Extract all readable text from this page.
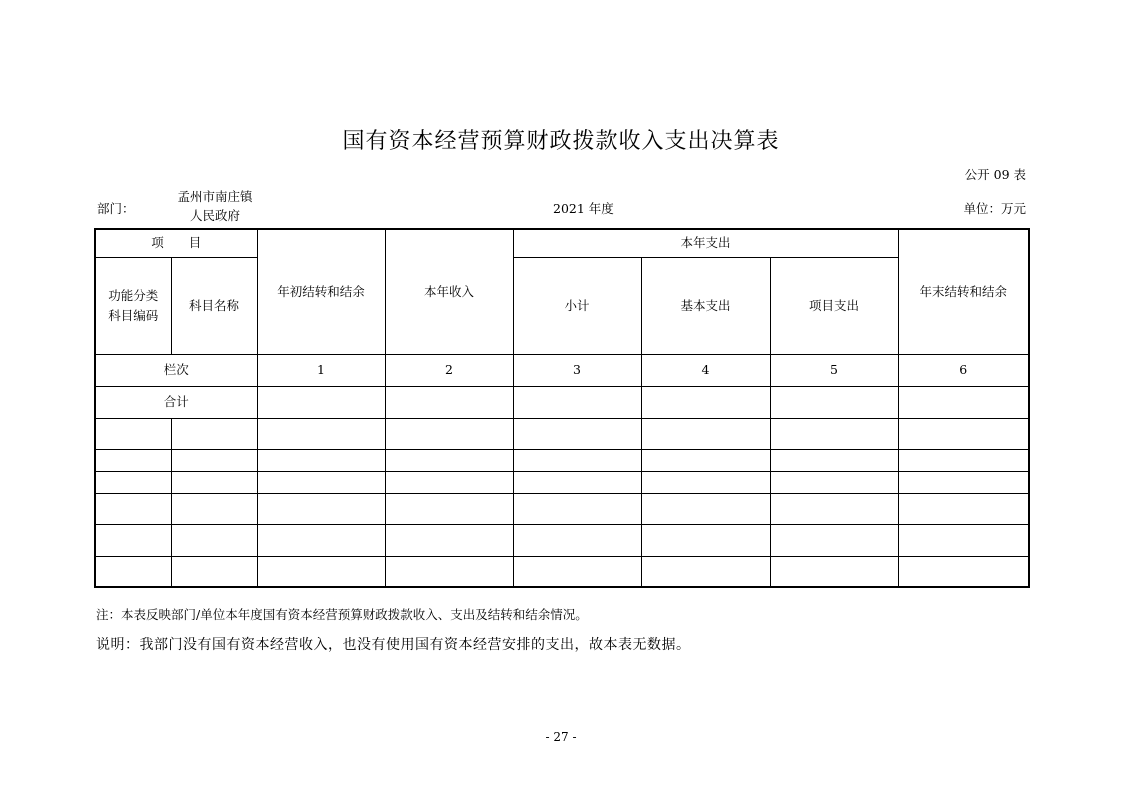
国有资本经营预算财政拨款收入支出决算表
公开 09 表
部门：
孟州市南庄镇
人民政府	2021 年度	单位：万元
项　　目		年初结转和结余	本年收入	本年支出			年末结转和结余
功能分类
科目编码	科目名称			小计	基本支出	项目支出	
栏次		1	2	3	4	5	6
合计							

注：本表反映部门/单位本年度国有资本经营预算财政拨款收入、支出及结转和结余情况。
说明：我部门没有国有资本经营收入，也没有使用国有资本经营安排的支出，故本表无数据。
- 27 -
